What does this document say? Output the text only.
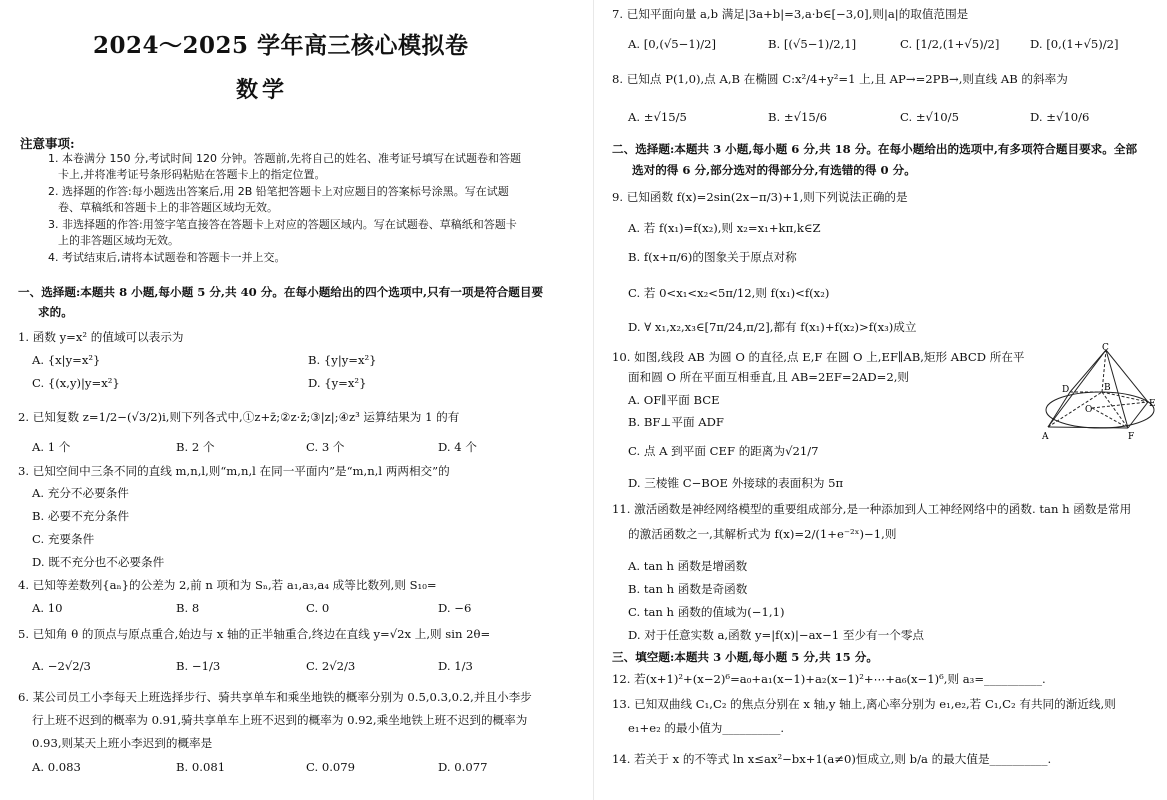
2024～2025 学年高三核心模拟卷
数学
注意事项:
1. 本卷满分 150 分,考试时间 120 分钟。答题前,先将自己的姓名、准考证号填写在试题卷和答题
卡上,并将准考证号条形码粘贴在答题卡上的指定位置。
2. 选择题的作答:每小题选出答案后,用 2B 铅笔把答题卡上对应题目的答案标号涂黑。写在试题
卷、草稿纸和答题卡上的非答题区域均无效。
3. 非选择题的作答:用签字笔直接答在答题卡上对应的答题区域内。写在试题卷、草稿纸和答题卡
上的非答题区域均无效。
4. 考试结束后,请将本试题卷和答题卡一并上交。
一、选择题:本题共 8 小题,每小题 5 分,共 40 分。在每小题给出的四个选项中,只有一项是符合题目要
求的。
1. 函数 y=x² 的值域可以表示为
A. {x|y=x²}	B. {y|y=x²}
C. {(x,y)|y=x²}	D. {y=x²}
2. 已知复数 z=1/2−(√3/2)i,则下列各式中,①z+z̄;②z·z̄;③|z|;④z³ 运算结果为 1 的有
A. 1 个	B. 2 个	C. 3 个	D. 4 个
3. 已知空间中三条不同的直线 m,n,l,则“m,n,l 在同一平面内”是“m,n,l 两两相交”的
A. 充分不必要条件
B. 必要不充分条件
C. 充要条件
D. 既不充分也不必要条件
4. 已知等差数列{aₙ}的公差为 2,前 n 项和为 Sₙ,若 a₁,a₃,a₄ 成等比数列,则 S₁₀=
A. 10	B. 8	C. 0	D. −6
5. 已知角 θ 的顶点与原点重合,始边与 x 轴的正半轴重合,终边在直线 y=√2x 上,则 sin 2θ=
A. −2√2/3	B. −1/3	C. 2√2/3	D. 1/3
6. 某公司员工小李每天上班选择步行、骑共享单车和乘坐地铁的概率分别为 0.5,0.3,0.2,并且小李步
行上班不迟到的概率为 0.91,骑共享单车上班不迟到的概率为 0.92,乘坐地铁上班不迟到的概率为
0.93,则某天上班小李迟到的概率是
A. 0.083	B. 0.081	C. 0.079	D. 0.077
7. 已知平面向量 a,b 满足|3a+b|=3,a·b∈[−3,0],则|a|的取值范围是
A. [0,(√5−1)/2]	B. [(√5−1)/2,1]	C. [1/2,(1+√5)/2]	D. [0,(1+√5)/2]
8. 已知点 P(1,0),点 A,B 在椭圆 C:x²/4+y²=1 上,且 AP→=2PB→,则直线 AB 的斜率为
A. ±√15/5	B. ±√15/6	C. ±√10/5	D. ±√10/6
二、选择题:本题共 3 小题,每小题 6 分,共 18 分。在每小题给出的选项中,有多项符合题目要求。全部
选对的得 6 分,部分选对的得部分分,有选错的得 0 分。
9. 已知函数 f(x)=2sin(2x−π/3)+1,则下列说法正确的是
A. 若 f(x₁)=f(x₂),则 x₂=x₁+kπ,k∈Z
B. f(x+π/6)的图象关于原点对称
C. 若 0<x₁<x₂<5π/12,则 f(x₁)<f(x₂)
D. ∀ x₁,x₂,x₃∈[7π/24,π/2],都有 f(x₁)+f(x₂)>f(x₃)成立
10. 如图,线段 AB 为圆 O 的直径,点 E,F 在圆 O 上,EF∥AB,矩形 ABCD 所在平
面和圆 O 所在平面互相垂直,且 AB=2EF=2AD=2,则
A. OF∥平面 BCE
B. BF⊥平面 ADF
C. 点 A 到平面 CEF 的距离为√21/7
D. 三棱锥 C−BOE 外接球的表面积为 5π
C
D	B
O
E
A	F
11. 激活函数是神经网络模型的重要组成部分,是一种添加到人工神经网络中的函数. tan h 函数是常用
的激活函数之一,其解析式为 f(x)=2/(1+e⁻²ˣ)−1,则
A. tan h 函数是增函数
B. tan h 函数是奇函数
C. tan h 函数的值域为(−1,1)
D. 对于任意实数 a,函数 y=|f(x)|−ax−1 至少有一个零点
三、填空题:本题共 3 小题,每小题 5 分,共 15 分。
12. 若(x+1)²+(x−2)⁶=a₀+a₁(x−1)+a₂(x−1)²+⋯+a₆(x−1)⁶,则 a₃=__________.
13. 已知双曲线 C₁,C₂ 的焦点分别在 x 轴,y 轴上,离心率分别为 e₁,e₂,若 C₁,C₂ 有共同的渐近线,则
e₁+e₂ 的最小值为__________.
14. 若关于 x 的不等式 ln x≤ax²−bx+1(a≠0)恒成立,则 b/a 的最大值是__________.
